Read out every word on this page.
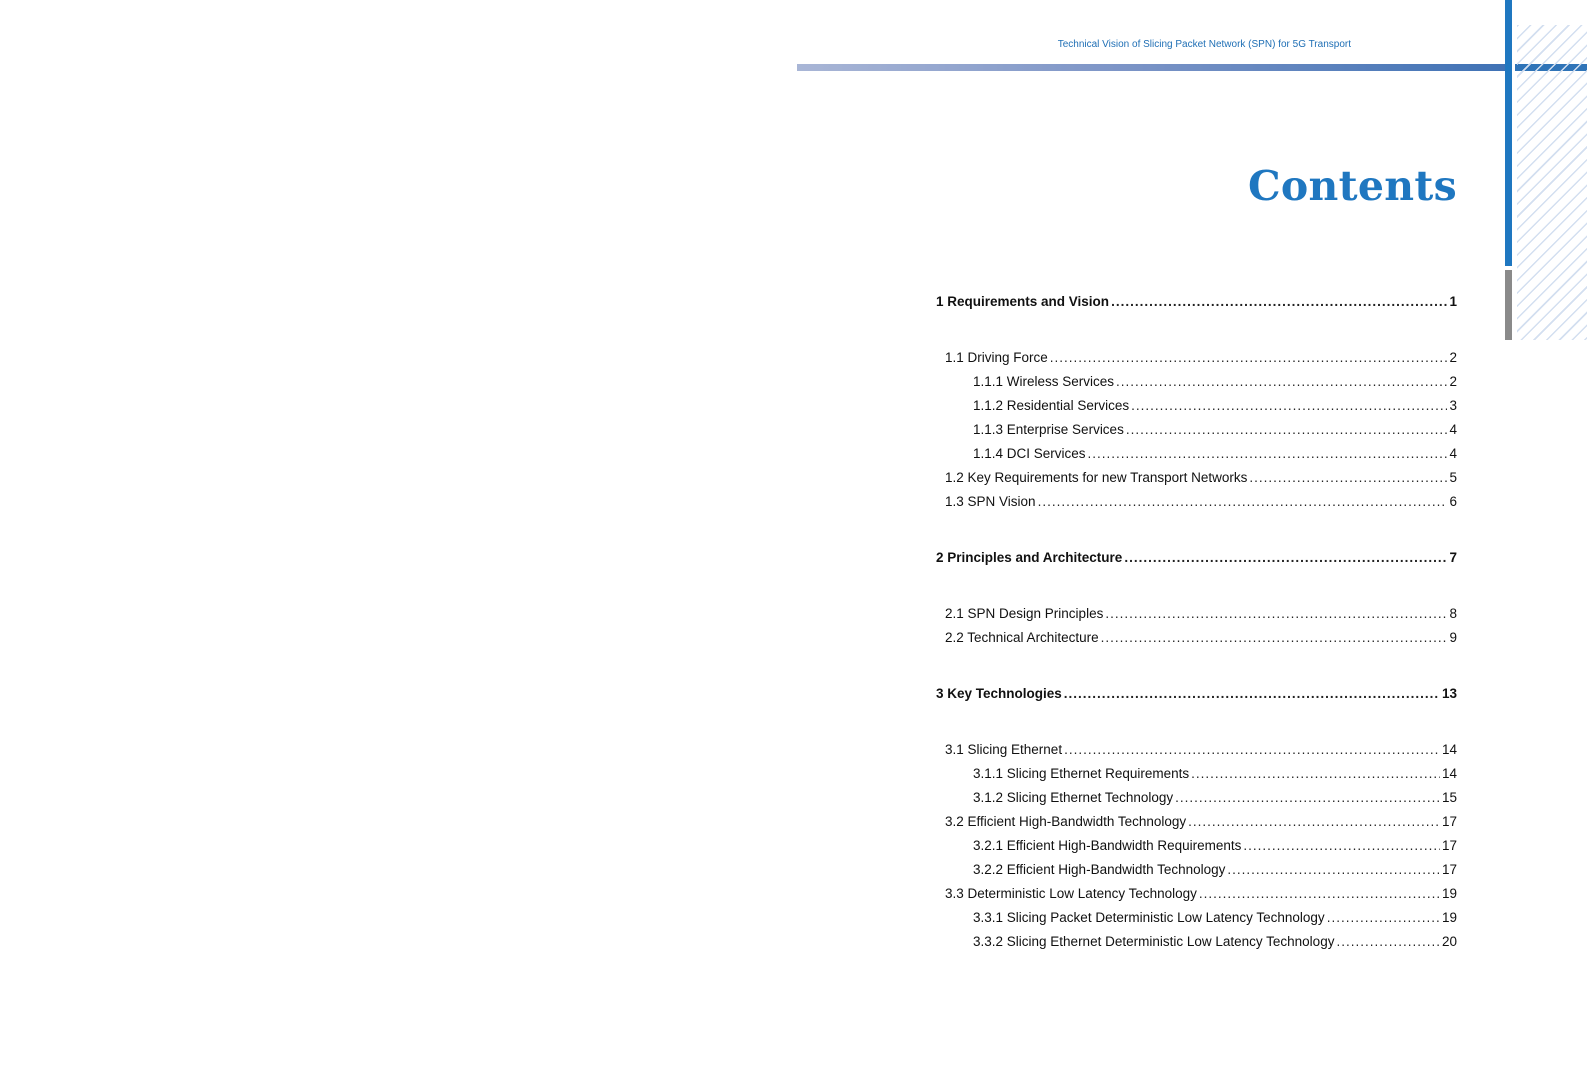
Technical Vision of Slicing Packet Network (SPN) for 5G Transport
Contents
1 Requirements and Vision .....	1
1.1 Driving Force .....	2
1.1.1 Wireless Services .....	2
1.1.2 Residential Services .....	3
1.1.3 Enterprise Services .....	4
1.1.4 DCI Services .....	4
1.2 Key Requirements for new Transport Networks .....	5
1.3 SPN Vision .....	6
2 Principles and Architecture .....	7
2.1 SPN Design Principles .....	8
2.2 Technical Architecture .....	9
3 Key Technologies .....	13
3.1 Slicing Ethernet .....	14
3.1.1 Slicing Ethernet Requirements .....	14
3.1.2 Slicing Ethernet Technology .....	15
3.2 Efficient High-Bandwidth Technology .....	17
3.2.1 Efficient High-Bandwidth Requirements .....	17
3.2.2 Efficient High-Bandwidth Technology .....	17
3.3 Deterministic Low Latency Technology .....	19
3.3.1 Slicing Packet Deterministic Low Latency Technology .....	19
3.3.2 Slicing Ethernet Deterministic Low Latency Technology .....	20
